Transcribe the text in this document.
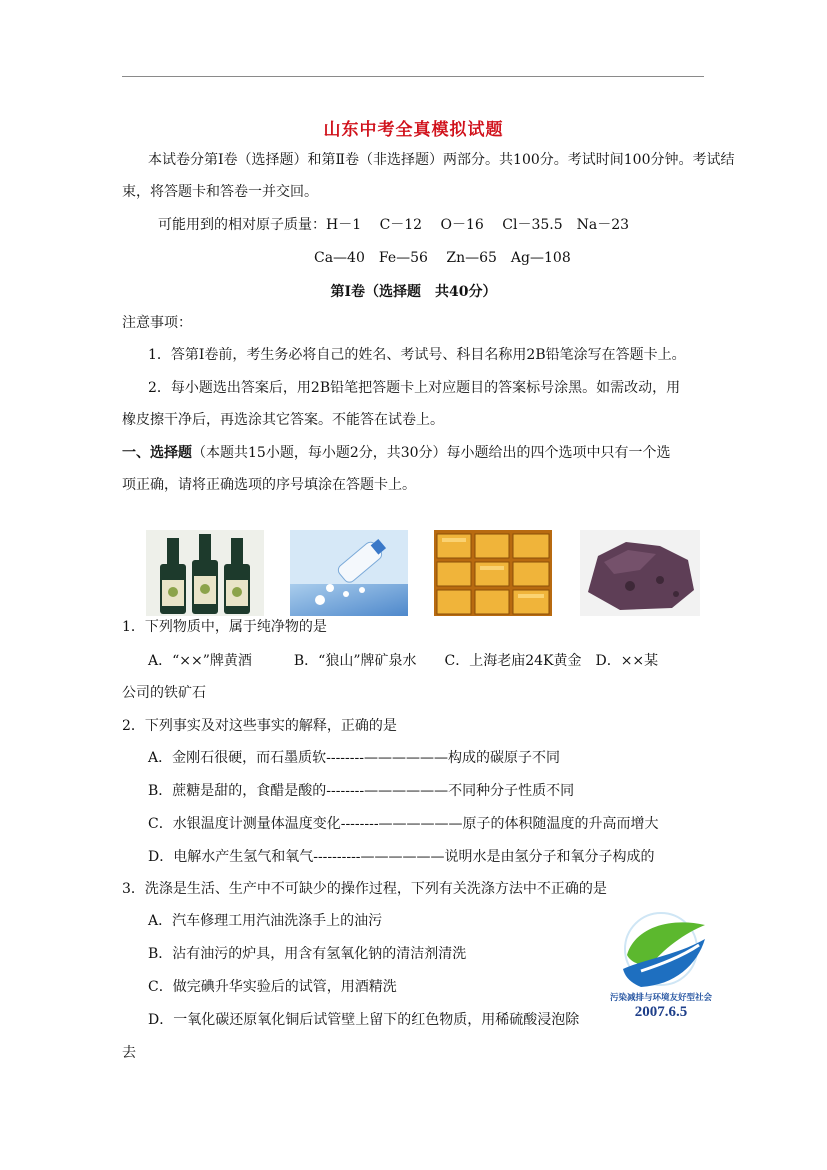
山东中考全真模拟试题
本试卷分第Ⅰ卷（选择题）和第Ⅱ卷（非选择题）两部分。共100分。考试时间100分钟。考试结
束，将答题卡和答卷一并交回。
可能用到的相对原子质量：H－1　 C－12　 O－16　 Cl－35.5　Na－23
Ca—40　Fe—56　 Zn—65　Ag—108
第Ⅰ卷（选择题　共40分）
注意事项：
1．答第Ⅰ卷前，考生务必将自己的姓名、考试号、科目名称用2B铅笔涂写在答题卡上。
2．每小题选出答案后，用2B铅笔把答题卡上对应题目的答案标号涂黑。如需改动，用
橡皮擦干净后，再选涂其它答案。不能答在试卷上。
一、选择题（本题共15小题，每小题2分，共30分）每小题给出的四个选项中只有一个选
项正确，请将正确选项的序号填涂在答题卡上。
1．下列物质中，属于纯净物的是
A．“××”牌黄酒　　　B．“狼山”牌矿泉水　　C．上海老庙24K黄金　D．××某
公司的铁矿石
2．下列事实及对这些事实的解释，正确的是
A．金刚石很硬，而石墨质软--------——————构成的碳原子不同
B．蔗糖是甜的，食醋是酸的--------——————不同种分子性质不同
C．水银温度计测量体温度变化--------——————原子的体积随温度的升高而增大
D．电解水产生氢气和氧气----------——————说明水是由氢分子和氧分子构成的
3．洗涤是生活、生产中不可缺少的操作过程，下列有关洗涤方法中不正确的是
A．汽车修理工用汽油洗涤手上的油污
B．沾有油污的炉具，用含有氢氧化钠的清洁剂清洗
C．做完碘升华实验后的试管，用酒精洗
D．一氧化碳还原氧化铜后试管壁上留下的红色物质，用稀硫酸浸泡除
去
污染减排与环境友好型社会
2007.6.5
